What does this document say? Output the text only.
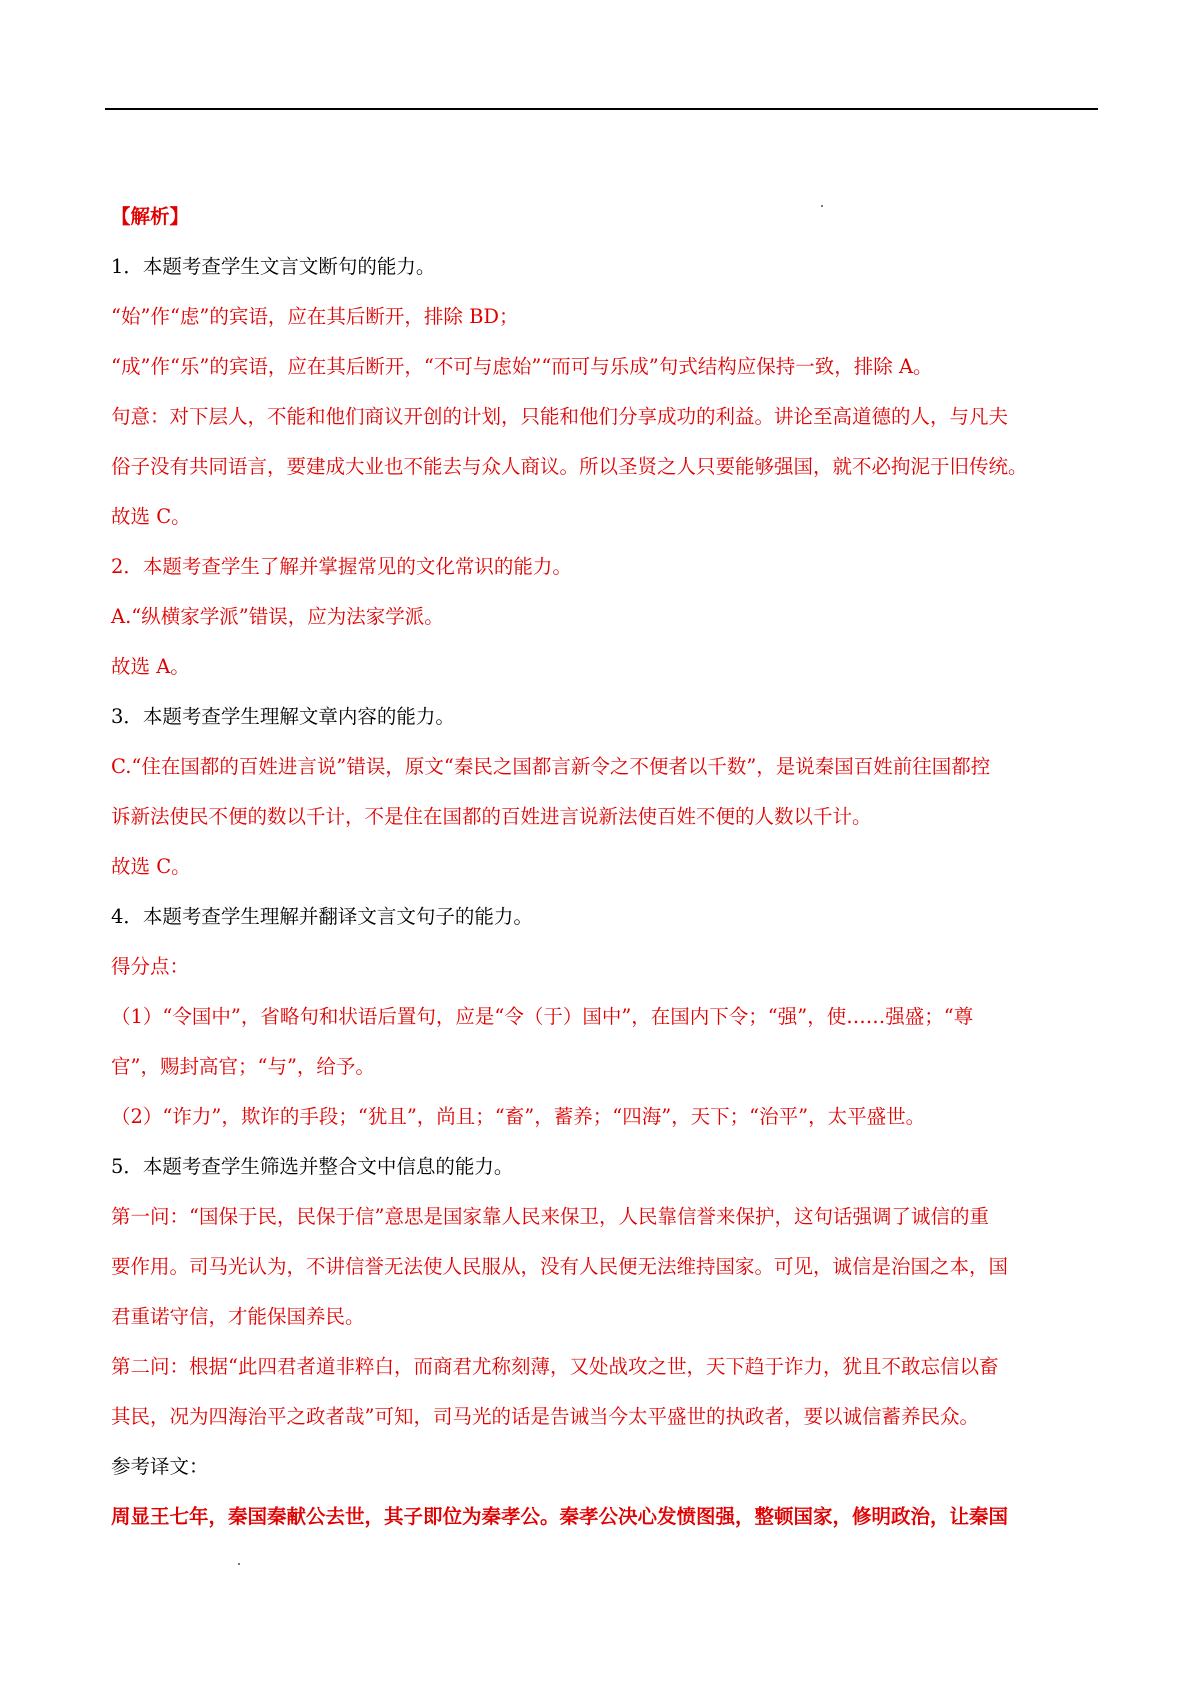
【解析】
1．本题考查学生文言文断句的能力。
“始”作“虑”的宾语，应在其后断开，排除 BD；
“成”作“乐”的宾语，应在其后断开，“不可与虑始”“而可与乐成”句式结构应保持一致，排除 A。
句意：对下层人，不能和他们商议开创的计划，只能和他们分享成功的利益。讲论至高道德的人，与凡夫
俗子没有共同语言，要建成大业也不能去与众人商议。所以圣贤之人只要能够强国，就不必拘泥于旧传统。
故选 C。
2．本题考查学生了解并掌握常见的文化常识的能力。
A.“纵横家学派”错误，应为法家学派。
故选 A。
3．本题考查学生理解文章内容的能力。
C.“住在国都的百姓进言说”错误，原文“秦民之国都言新令之不便者以千数”，是说秦国百姓前往国都控
诉新法使民不便的数以千计，不是住在国都的百姓进言说新法使百姓不便的人数以千计。
故选 C。
4．本题考查学生理解并翻译文言文句子的能力。
得分点：
（1）“令国中”，省略句和状语后置句，应是“令（于）国中”，在国内下令；“强”，使……强盛；“尊
官”，赐封高官；“与”，给予。
（2）“诈力”，欺诈的手段；“犹且”，尚且；“畜”，蓄养；“四海”，天下；“治平”，太平盛世。
5．本题考查学生筛选并整合文中信息的能力。
第一问：“国保于民，民保于信”意思是国家靠人民来保卫，人民靠信誉来保护，这句话强调了诚信的重
要作用。司马光认为，不讲信誉无法使人民服从，没有人民便无法维持国家。可见，诚信是治国之本，国
君重诺守信，才能保国养民。
第二问：根据“此四君者道非粹白，而商君尤称刻薄，又处战攻之世，天下趋于诈力，犹且不敢忘信以畜
其民，况为四海治平之政者哉”可知，司马光的话是告诫当今太平盛世的执政者，要以诚信蓄养民众。
参考译文：
周显王七年，秦国秦献公去世，其子即位为秦孝公。秦孝公决心发愤图强，整顿国家，修明政治，让秦国
